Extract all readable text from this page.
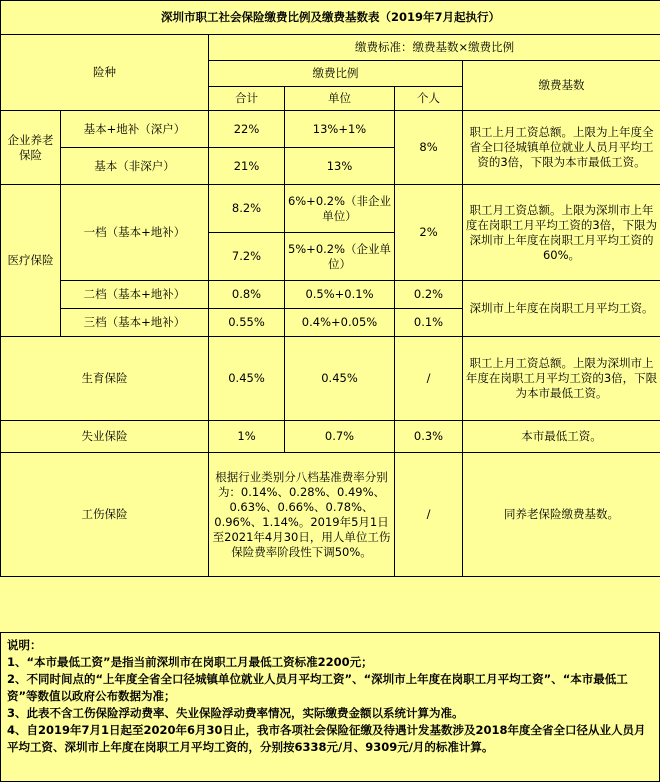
深圳市职工社会保险缴费比例及缴费基数表（2019年7月起执行）					
险种		缴费标准：缴费基数×缴费比例			
		缴费比例			缴费基数
		合计	单位	个人	
企业养老保险	基本+地补（深户）	22%	13%+1%	8%	职工上月工资总额。上限为上年度全省全口径城镇单位就业人员月平均工资的3倍，下限为本市最低工资。
	基本（非深户）	21%	13%		
医疗保险	一档（基本+地补）	8.2%	6%+0.2%（非企业单位）	2%	职工月工资总额。上限为深圳市上年度在岗职工月平均工资的3倍，下限为深圳市上年度在岗职工月平均工资的60%。
		7.2%	5%+0.2%（企业单位）		
	二档（基本+地补）	0.8%	0.5%+0.1%	0.2%	深圳市上年度在岗职工月平均工资。
	三档（基本+地补）	0.55%	0.4%+0.05%	0.1%	
生育保险		0.45%	0.45%	/	职工上月工资总额。上限为深圳市上年度在岗职工月平均工资的3倍，下限为本市最低工资。
失业保险		1%	0.7%	0.3%	本市最低工资。
工伤保险		根据行业类别分八档基准费率分别为：0.14%、0.28%、0.49%、0.63%、0.66%、0.78%、0.96%、1.14%。2019年5月1日至2021年4月30日，用人单位工伤保险费率阶段性下调50%。		/	同养老保险缴费基数。

说明：

1、“本市最低工资”是指当前深圳市在岗职工月最低工资标准2200元；

2、不同时间点的“上年度全省全口径城镇单位就业人员月平均工资”、“深圳市上年度在岗职工月平均工资”、“本市最低工资”等数值以政府公布数据为准；

3、此表不含工伤保险浮动费率、失业保险浮动费率情况，实际缴费金额以系统计算为准。

4、自2019年7月1日起至2020年6月30日止，我市各项社会保险征缴及待遇计发基数涉及2018年度全省全口径从业人员月平均工资、深圳市上年度在岗职工月平均工资的，分别按6338元/月、9309元/月的标准计算。
